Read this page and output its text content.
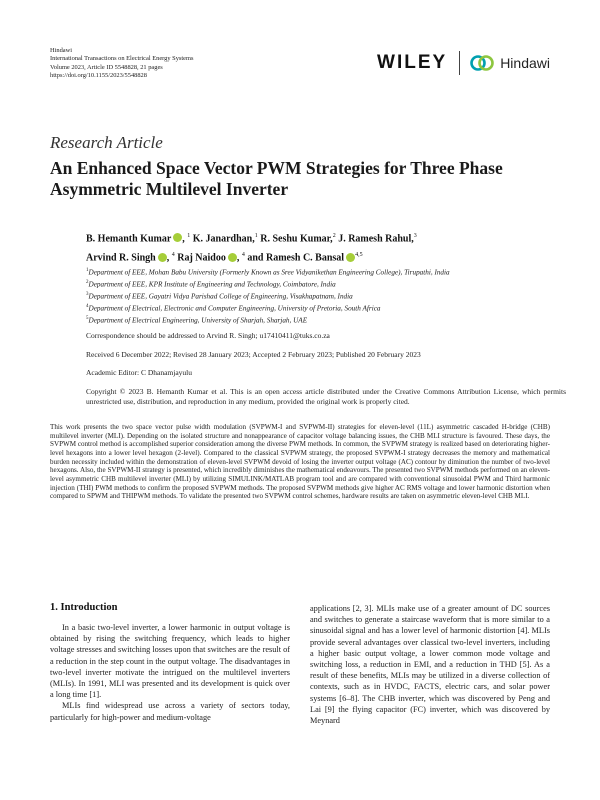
Hindawi
International Transactions on Electrical Energy Systems
Volume 2023, Article ID 5548828, 21 pages
https://doi.org/10.1155/2023/5548828
WILEY	Hindawi
Research Article
An Enhanced Space Vector PWM Strategies for Three Phase Asymmetric Multilevel Inverter
B. Hemanth Kumar , $^1$ K. Janardhan,$^1$ R. Seshu Kumar,$^2$ J. Ramesh Rahul,$^3$
Arvind R. Singh , $^4$ Raj Naidoo , $^4$ and Ramesh C. Bansal $^{4,5}$
$^1$Department of EEE, Mohan Babu University (Formerly Known as Sree Vidyanikethan Engineering College), Tirupathi, India
$^2$Department of EEE, KPR Institute of Engineering and Technology, Coimbatore, India
$^3$Department of EEE, Gayatri Vidya Parishad College of Engineering, Visakhapatnam, India
$^4$Department of Electrical, Electronic and Computer Engineering, University of Pretoria, South Africa
$^5$Department of Electrical Engineering, University of Sharjah, Sharjah, UAE
Correspondence should be addressed to Arvind R. Singh; u17410411@tuks.co.za
Received 6 December 2022; Revised 28 January 2023; Accepted 2 February 2023; Published 20 February 2023
Academic Editor: C Dhanamjayulu

Copyright © 2023 B. Hemanth Kumar et al. This is an open access article distributed under the Creative Commons Attribution License, which permits unrestricted use, distribution, and reproduction in any medium, provided the original work is properly cited.

This work presents the two space vector pulse width modulation (SVPWM-I and SVPWM-II) strategies for eleven-level (11L) asymmetric cascaded H-bridge (CHB) multilevel inverter (MLI). Depending on the isolated structure and nonappearance of capacitor voltage balancing issues, the CHB MLI structure is favoured. These days, the SVPWM control method is accomplished superior consideration among the diverse PWM methods. In common, the SVPWM strategy is realized based on deteriorating higher-level hexagons into a lower level hexagon (2-level). Compared to the classical SVPWM strategy, the proposed SVPWM-I strategy decreases the memory and mathematical burden necessity included within the demonstration of eleven-level SVPWM devoid of losing the inverter output voltage (AC) contour by diminution the number of two-level hexagons. Also, the SVPWM-II strategy is presented, which incredibly diminishes the mathematical endeavours. The presented two SVPWM methods performed on an eleven-level asymmetric CHB multilevel inverter (MLI) by utilizing SIMULINK/MATLAB program tool and are compared with conventional sinusoidal PWM and Third harmonic injection (THI) PWM methods to confirm the proposed SVPWM methods. The proposed SVPWM methods give higher AC RMS voltage and lower harmonic distortion when compared to SPWM and THIPWM methods. To validate the presented two SVPWM control schemes, hardware results are taken on asymmetric eleven-level CHB MLI.

1. Introduction

In a basic two-level inverter, a lower harmonic in output voltage is obtained by rising the switching frequency, which leads to higher voltage stresses and switching losses upon that switches are the result of a reduction in the step count in the output voltage. The disadvantages in two-level inverter motivate the intrigued on the multilevel inverters (MLIs). In 1991, MLI was presented and its development is quick over a long time [1].

MLIs find widespread use across a variety of sectors today, particularly for high-power and medium-voltage

applications [2, 3]. MLIs make use of a greater amount of DC sources and switches to generate a staircase waveform that is more similar to a sinusoidal signal and has a lower level of harmonic distortion [4]. MLIs provide several advantages over classical two-level inverters, including a higher basic output voltage, a lower common mode voltage and switching loss, a reduction in EMI, and a reduction in THD [5]. As a result of these benefits, MLIs may be utilized in a diverse collection of contexts, such as in HVDC, FACTS, electric cars, and solar power systems [6–8]. The CHB inverter, which was discovered by Peng and Lai [9] the flying capacitor (FC) inverter, which was discovered by Meynard
